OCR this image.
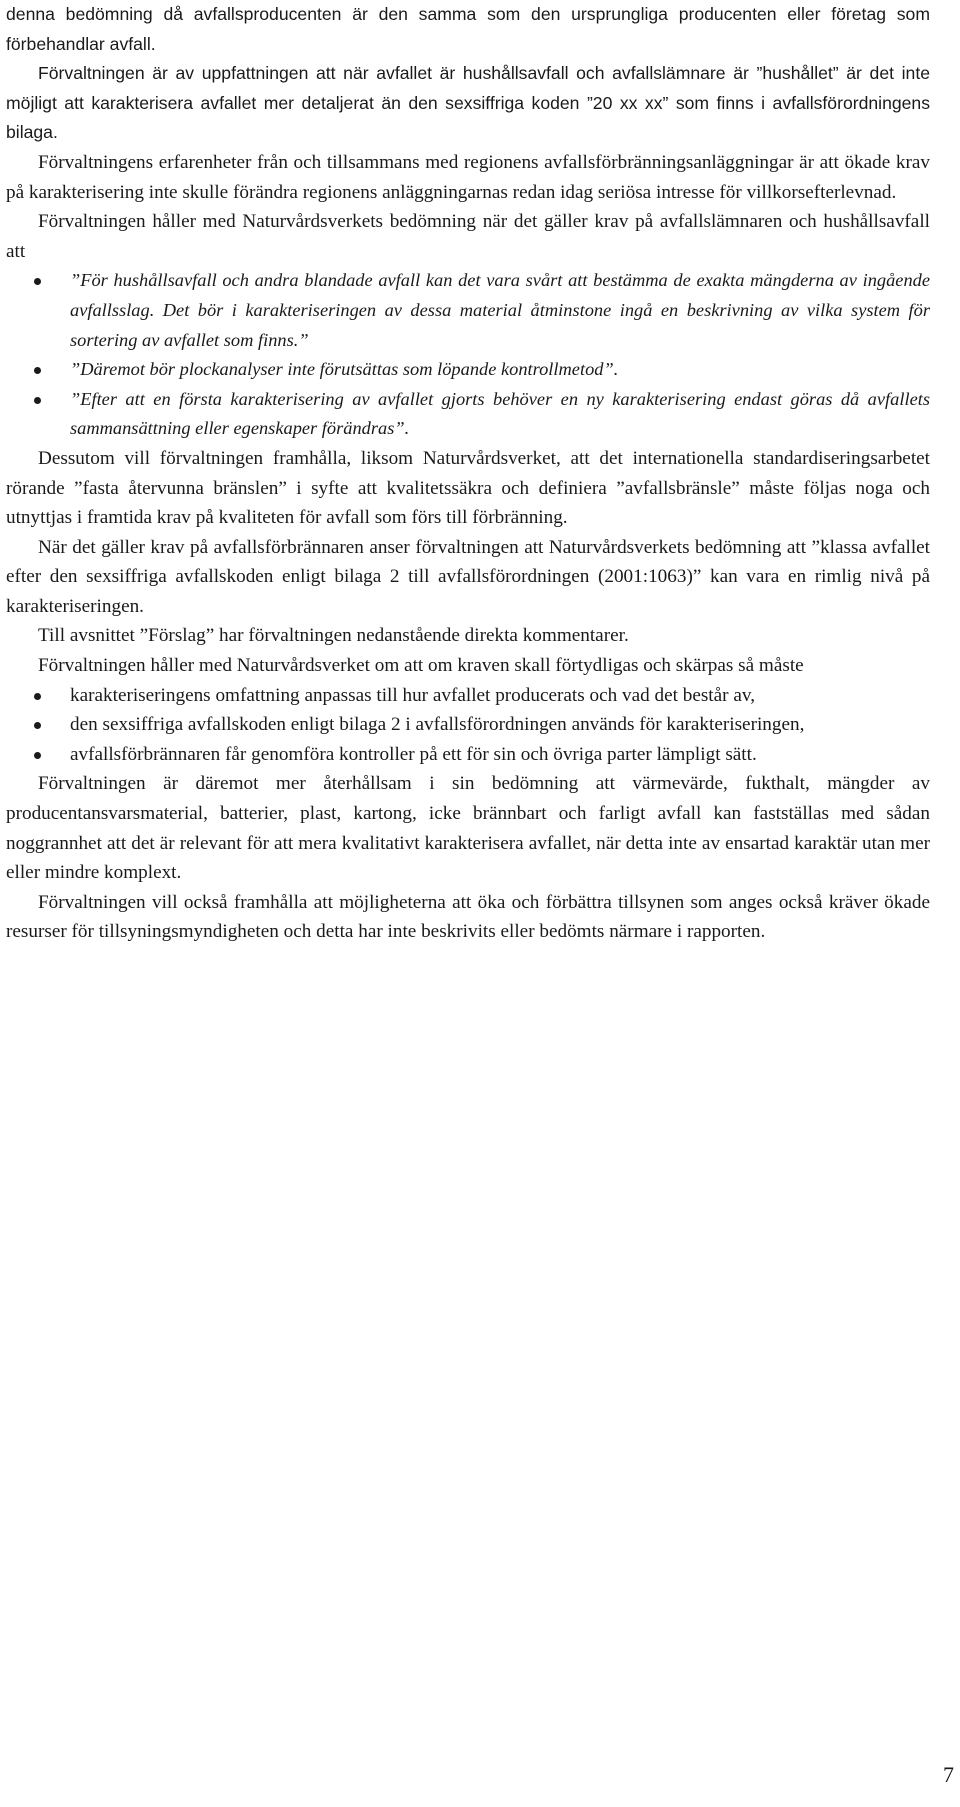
denna bedömning då avfallsproducenten är den samma som den ursprungliga producenten eller företag som förbehandlar avfall.

Förvaltningen är av uppfattningen att när avfallet är hushållsavfall och avfallslämnare är ”hushållet” är det inte möjligt att karakterisera avfallet mer detaljerat än den sexsiffriga koden ”20 xx xx” som finns i avfallsförordningens bilaga.

Förvaltningens erfarenheter från och tillsammans med regionens avfallsförbränningsanläggningar är att ökade krav på karakterisering inte skulle förändra regionens anläggningarnas redan idag seriösa intresse för villkorsefterlevnad.

Förvaltningen håller med Naturvårdsverkets bedömning när det gäller krav på avfallslämnaren och hushållsavfall att

”För hushållsavfall och andra blandade avfall kan det vara svårt att bestämma de exakta mängderna av ingående avfallsslag. Det bör i karakteriseringen av dessa material åtminstone ingå en beskrivning av vilka system för sortering av avfallet som finns.”
”Däremot bör plockanalyser inte förutsättas som löpande kontrollmetod”.
”Efter att en första karakterisering av avfallet gjorts behöver en ny karakterisering endast göras då avfallets sammansättning eller egenskaper förändras”.

Dessutom vill förvaltningen framhålla, liksom Naturvårdsverket, att det internationella standardiseringsarbetet rörande ”fasta återvunna bränslen” i syfte att kvalitetssäkra och definiera ”avfallsbränsle” måste följas noga och utnyttjas i framtida krav på kvaliteten för avfall som förs till förbränning.

När det gäller krav på avfallsförbrännaren anser förvaltningen att Naturvårdsverkets bedömning att ”klassa avfallet efter den sexsiffriga avfallskoden enligt bilaga 2 till avfallsförordningen (2001:1063)” kan vara en rimlig nivå på karakteriseringen.

Till avsnittet ”Förslag” har förvaltningen nedanstående direkta kommentarer.

Förvaltningen håller med Naturvårdsverket om att om kraven skall förtydligas och skärpas så måste

karakteriseringens omfattning anpassas till hur avfallet producerats och vad det består av,
den sexsiffriga avfallskoden enligt bilaga 2 i avfallsförordningen används för karakteriseringen,
avfallsförbrännaren får genomföra kontroller på ett för sin och övriga parter lämpligt sätt.

Förvaltningen är däremot mer återhållsam i sin bedömning att värmevärde, fukthalt, mängder av producentansvarsmaterial, batterier, plast, kartong, icke brännbart och farligt avfall kan fastställas med sådan noggrannhet att det är relevant för att mera kvalitativt karakterisera avfallet, när detta inte av ensartad karaktär utan mer eller mindre komplext.

Förvaltningen vill också framhålla att möjligheterna att öka och förbättra tillsynen som anges också kräver ökade resurser för tillsyningsmyndigheten och detta har inte beskrivits eller bedömts närmare i rapporten.

7
